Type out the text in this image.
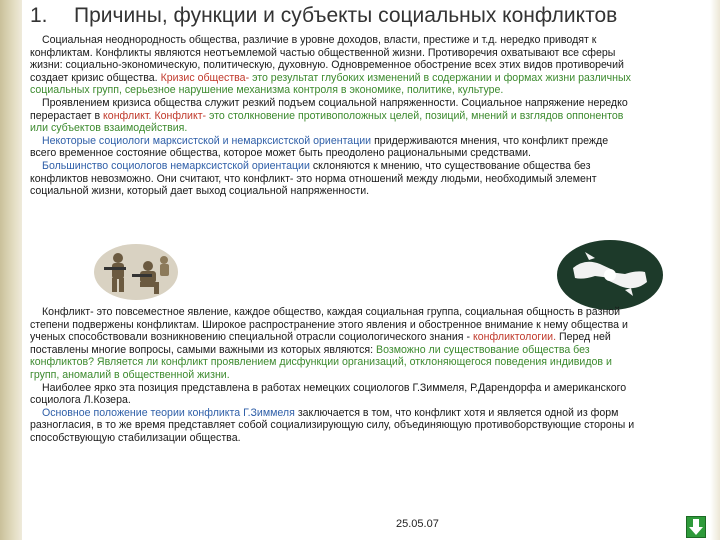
1. Причины, функции и субъекты социальных конфликтов
Социальная неоднородность общества, различие в уровне доходов, власти, престиже и т.д. нередко приводят к
конфликтам. Конфликты являются неотъемлемой частью общественной жизни. Противоречия охватывают все сферы
жизни: социально-экономическую, политическую, духовную. Одновременное обострение всех этих видов противоречий
создает кризис общества. Кризис общества- это результат глубоких изменений в содержании и формах жизни различных
социальных групп, серьезное нарушение механизма контроля в экономике, политике, культуре.
Проявлением кризиса общества служит резкий подъем социальной напряженности. Социальное напряжение нередко
перерастает в конфликт. Конфликт- это столкновение противоположных целей, позиций, мнений и взглядов оппонентов
или субъектов взаимодействия.
Некоторые социологи марксистской и немарксистской ориентации придерживаются мнения, что конфликт прежде
всего временное состояние общества, которое может быть преодолено рациональными средствами.
Большинство социологов немарксистской ориентации склоняются к мнению, что существование общества без
конфликтов невозможно. Они считают, что конфликт- это норма отношений между людьми, необходимый элемент
социальной жизни, который дает выход социальной напряженности.
Конфликт- это повсеместное явление, каждое общество, каждая социальная группа, социальная общность в разной
степени подвержены конфликтам. Широкое распространение этого явления и обостренное внимание к нему общества и
ученых способствовали возникновению специальной отрасли социологического знания - конфликтологии. Перед ней
поставлены многие вопросы, самыми важными из которых являются: Возможно ли существование общества без
конфликтов? Является ли конфликт проявлением дисфункции организаций, отклоняющегося поведения индивидов и
групп, аномалий в общественной жизни.
Наиболее ярко эта позиция представлена в работах немецких социологов Г.Зиммеля, Р.Дарендорфа и американского
социолога Л.Козера.
Основное положение теории конфликта Г.Зиммеля заключается в том, что конфликт хотя и является одной из форм
разногласия, в то же время представляет собой социализирующую силу, объединяющую противоборствующие стороны и
способствующую стабилизации общества.
25.05.07
